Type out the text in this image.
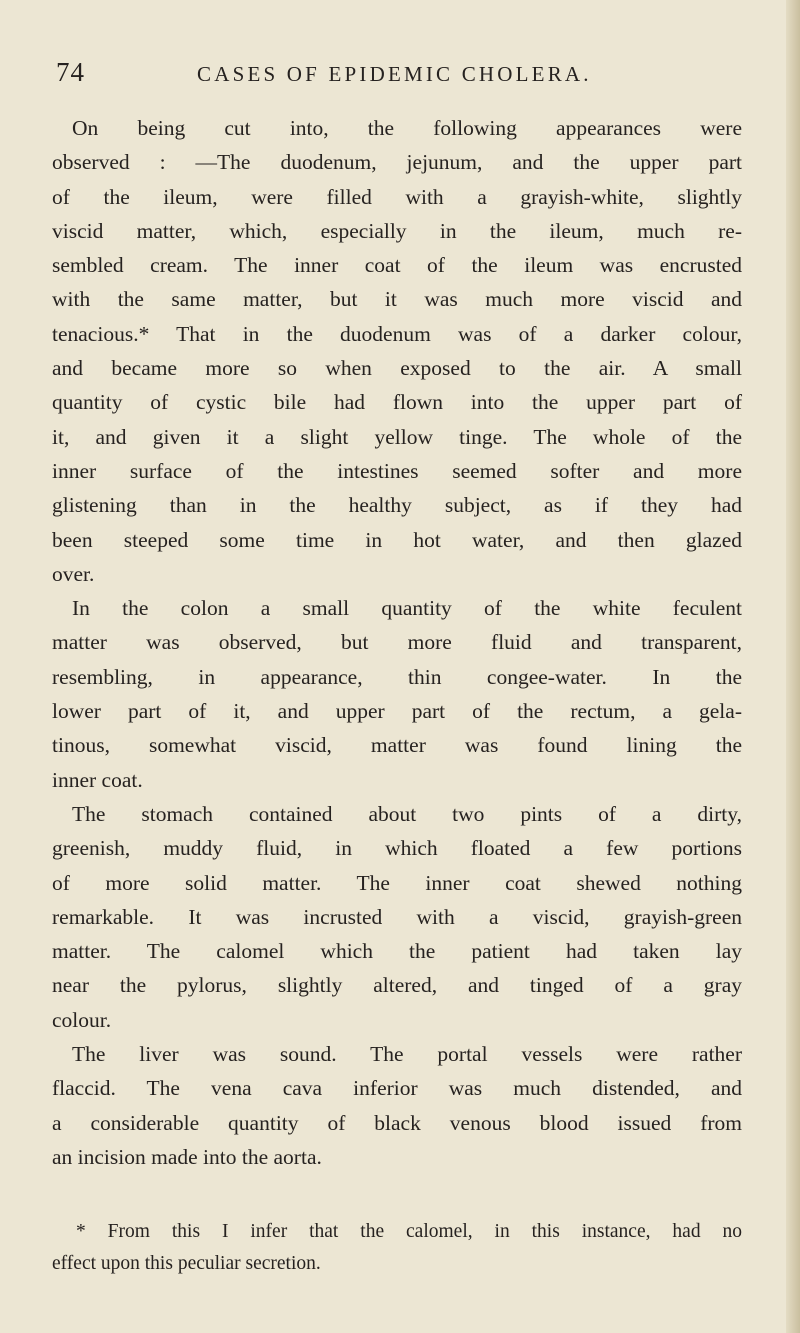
74	CASES OF EPIDEMIC CHOLERA.
On being cut into, the following appearances were
observed : —The duodenum, jejunum, and the upper part
of the ileum, were filled with a grayish-white, slightly
viscid matter, which, especially in the ileum, much re-
sembled cream. The inner coat of the ileum was encrusted
with the same matter, but it was much more viscid and
tenacious.* That in the duodenum was of a darker colour,
and became more so when exposed to the air. A small
quantity of cystic bile had flown into the upper part of
it, and given it a slight yellow tinge. The whole of the
inner surface of the intestines seemed softer and more
glistening than in the healthy subject, as if they had
been steeped some time in hot water, and then glazed
over.
In the colon a small quantity of the white feculent
matter was observed, but more fluid and transparent,
resembling, in appearance, thin congee-water. In the
lower part of it, and upper part of the rectum, a gela-
tinous, somewhat viscid, matter was found lining the
inner coat.
The stomach contained about two pints of a dirty,
greenish, muddy fluid, in which floated a few portions
of more solid matter. The inner coat shewed nothing
remarkable. It was incrusted with a viscid, grayish-green
matter. The calomel which the patient had taken lay
near the pylorus, slightly altered, and tinged of a gray
colour.
The liver was sound. The portal vessels were rather
flaccid. The vena cava inferior was much distended, and
a considerable quantity of black venous blood issued from
an incision made into the aorta.
* From this I infer that the calomel, in this instance, had no
effect upon this peculiar secretion.
